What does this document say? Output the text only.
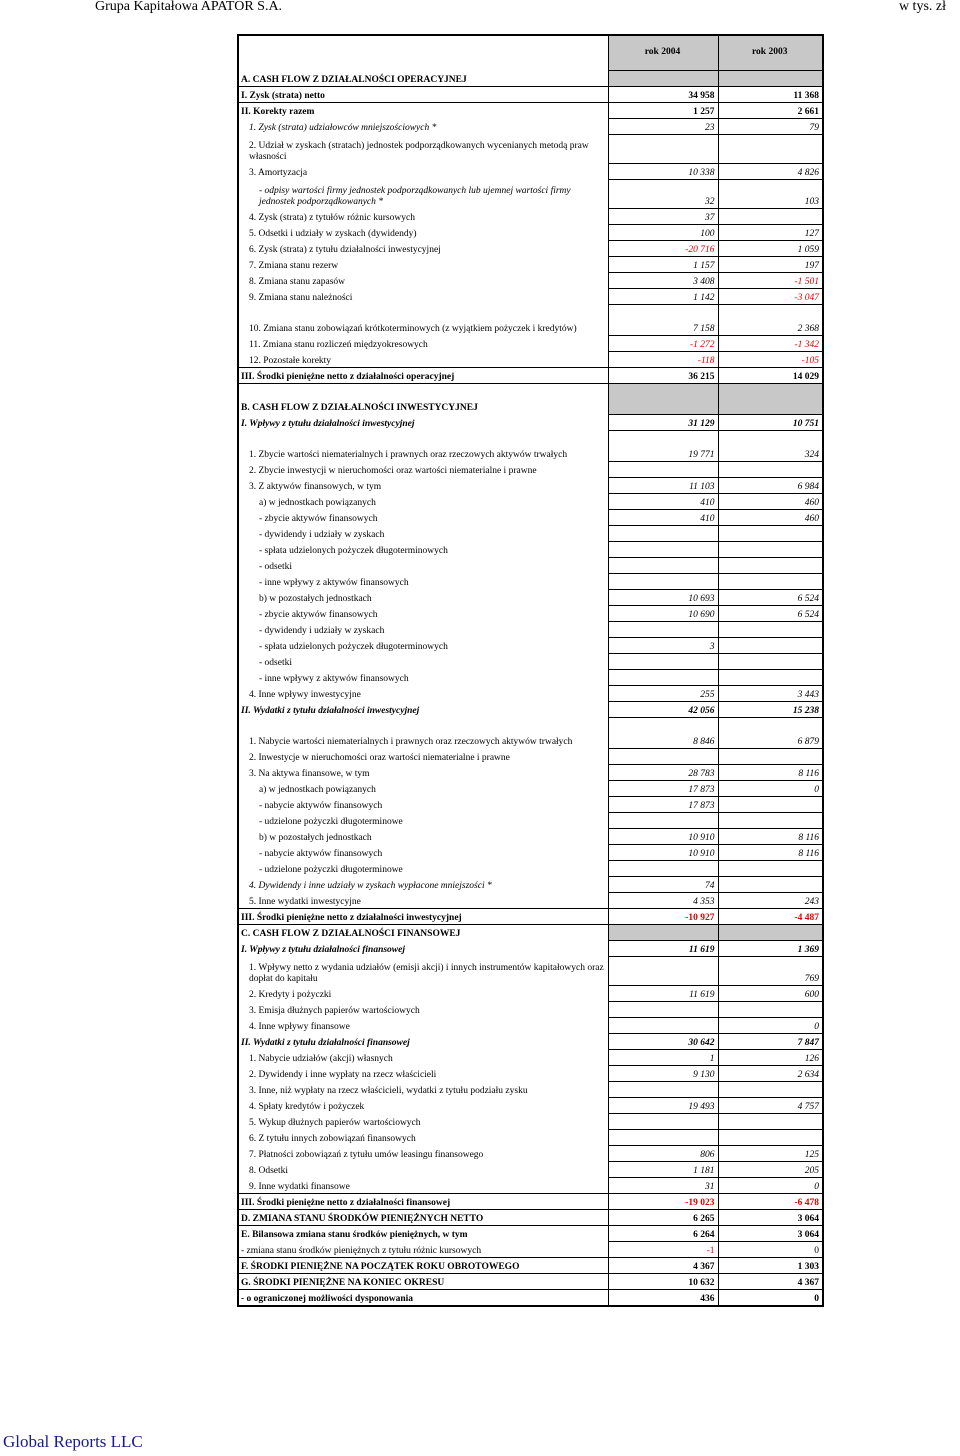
Grupa Kapitałowa APATOR S.A.	w tys. zł
	rok 2004	rok 2003
A. CASH FLOW Z DZIAŁALNOŚCI OPERACYJNEJ		
I. Zysk (strata) netto	34 958	11 368
II. Korekty razem	1 257	2 661
1. Zysk (strata) udziałowców mniejszościowych *	23	79
2. Udział w zyskach (stratach) jednostek podporządkowanych wycenianych metodą praw własności		
3. Amortyzacja	10 338	4 826
- odpisy wartości firmy jednostek podporządkowanych lub ujemnej wartości firmy jednostek podporządkowanych *	32	103
4. Zysk (strata) z tytułów różnic kursowych	37	
5. Odsetki i udziały w zyskach (dywidendy)	100	127
6. Zysk (strata) z tytułu działalności inwestycyjnej	-20 716	1 059
7. Zmiana stanu rezerw	1 157	197
8. Zmiana stanu zapasów	3 408	-1 501
9. Zmiana stanu należności	1 142	-3 047
10. Zmiana stanu zobowiązań krótkoterminowych (z wyjątkiem pożyczek i kredytów)	7 158	2 368
11. Zmiana stanu rozliczeń międzyokresowych	-1 272	-1 342
12. Pozostałe korekty	-118	-105
III. Środki pieniężne netto z działalności operacyjnej	36 215	14 029
B. CASH FLOW Z DZIAŁALNOŚCI INWESTYCYJNEJ		
I. Wpływy z tytułu działalności inwestycyjnej	31 129	10 751
1. Zbycie wartości niematerialnych i prawnych oraz rzeczowych aktywów trwałych	19 771	324
2. Zbycie inwestycji w nieruchomości oraz wartości niematerialne i prawne		
3. Z aktywów finansowych, w tym	11 103	6 984
a) w jednostkach powiązanych	410	460
- zbycie aktywów finansowych	410	460
- dywidendy i udziały w zyskach		
- spłata udzielonych pożyczek długoterminowych		
- odsetki		
- inne wpływy z aktywów finansowych		
b) w pozostałych jednostkach	10 693	6 524
- zbycie aktywów finansowych	10 690	6 524
- dywidendy i udziały w zyskach		
- spłata udzielonych pożyczek długoterminowych	3	
- odsetki		
- inne wpływy z aktywów finansowych		
4. Inne wpływy inwestycyjne	255	3 443
II. Wydatki z tytułu działalności inwestycyjnej	42 056	15 238
1. Nabycie wartości niematerialnych i prawnych oraz rzeczowych aktywów trwałych	8 846	6 879
2. Inwestycje w nieruchomości oraz wartości niematerialne i prawne		
3. Na aktywa finansowe, w tym	28 783	8 116
a) w jednostkach powiązanych	17 873	0
- nabycie aktywów finansowych	17 873	
- udzielone pożyczki długoterminowe		
b) w pozostałych jednostkach	10 910	8 116
- nabycie aktywów finansowych	10 910	8 116
- udzielone pożyczki długoterminowe		
4. Dywidendy i inne udziały w zyskach wypłacone mniejszości *	74	
5. Inne wydatki inwestycyjne	4 353	243
III. Środki pieniężne netto z działalności inwestycyjnej	-10 927	-4 487
C. CASH FLOW Z DZIAŁALNOŚCI FINANSOWEJ		
I. Wpływy z tytułu działalności finansowej	11 619	1 369
1. Wpływy netto z wydania udziałów (emisji akcji) i innych instrumentów kapitałowych oraz dopłat do kapitału		769
2. Kredyty i pożyczki	11 619	600
3. Emisja dłużnych papierów wartościowych		
4. Inne wpływy finansowe		0
II. Wydatki z tytułu działalności finansowej	30 642	7 847
1. Nabycie udziałów (akcji) własnych	1	126
2. Dywidendy i inne wypłaty na rzecz właścicieli	9 130	2 634
3. Inne, niż wypłaty na rzecz właścicieli, wydatki z tytułu podziału zysku		
4. Spłaty kredytów i pożyczek	19 493	4 757
5. Wykup dłużnych papierów wartościowych		
6. Z tytułu innych zobowiązań finansowych		
7. Płatności zobowiązań z tytułu umów leasingu finansowego	806	125
8. Odsetki	1 181	205
9. Inne wydatki finansowe	31	0
III. Środki pieniężne netto z działalności finansowej	-19 023	-6 478
D. ZMIANA STANU ŚRODKÓW PIENIĘŻNYCH NETTO	6 265	3 064
E. Bilansowa zmiana stanu środków pieniężnych, w tym	6 264	3 064
- zmiana stanu środków pieniężnych z tytułu różnic kursowych	-1	0
F. ŚRODKI PIENIĘŻNE NA POCZĄTEK ROKU OBROTOWEGO	4 367	1 303
G. ŚRODKI PIENIĘŻNE NA KONIEC OKRESU	10 632	4 367
- o ograniczonej możliwości dysponowania	436	0
Global Reports LLC
